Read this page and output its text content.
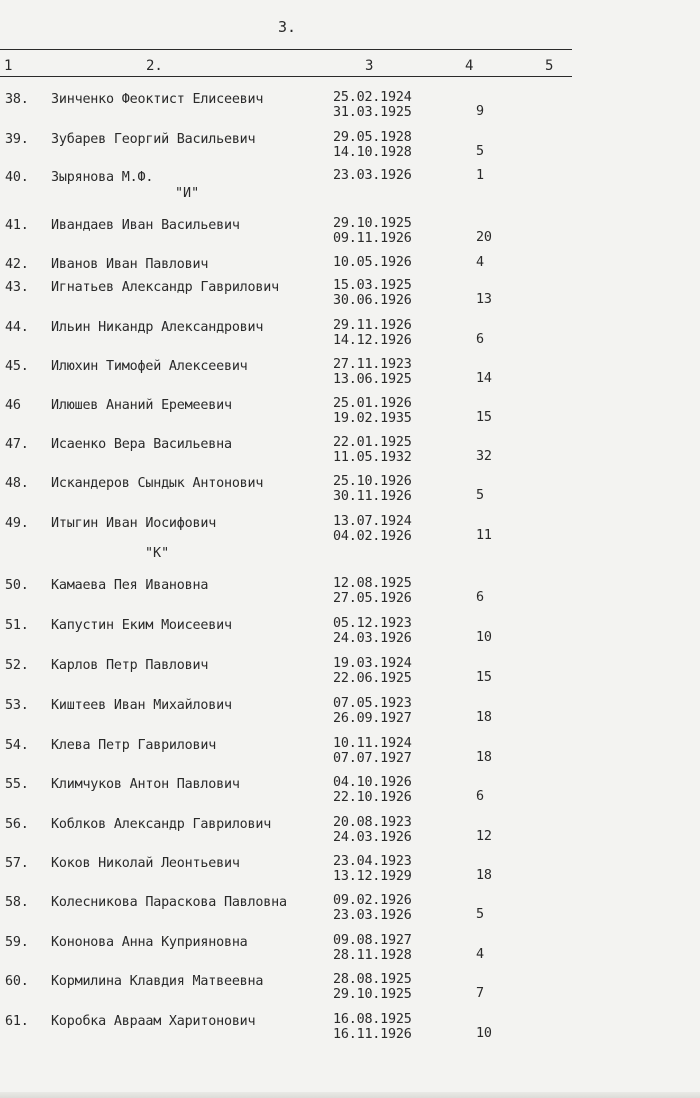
3.
1	2.	3	4	5
"И"
"К"
38. Зинченко Феоктист Елисеевич	25.02.1924
31.03.1925	9
39. Зубарев Георгий Васильевич	29.05.1928
14.10.1928	5
40. Зырянова М.Ф.	23.03.1926	1
41. Ивандаев Иван Васильевич	29.10.1925
09.11.1926	20
42. Иванов Иван Павлович	10.05.1926	4
43. Игнатьев Александр Гаврилович	15.03.1925
30.06.1926	13
44. Ильин Никандр Александрович	29.11.1926
14.12.1926	6
45. Илюхин Тимофей Алексеевич	27.11.1923
13.06.1925	14
46 Илюшев Ананий Еремеевич	25.01.1926
19.02.1935	15
47. Исаенко Вера Васильевна	22.01.1925
11.05.1932	32
48. Искандеров Сындык Антонович	25.10.1926
30.11.1926	5
49. Итыгин Иван Иосифович	13.07.1924
04.02.1926	11
50. Камаева Пея Ивановна	12.08.1925
27.05.1926	6
51. Капустин Еким Моисеевич	05.12.1923
24.03.1926	10
52. Карлов Петр Павлович	19.03.1924
22.06.1925	15
53. Киштеев Иван Михайлович	07.05.1923
26.09.1927	18
54. Клева Петр Гаврилович	10.11.1924
07.07.1927	18
55. Климчуков Антон Павлович	04.10.1926
22.10.1926	6
56. Коблков Александр Гаврилович	20.08.1923
24.03.1926	12
57. Коков Николай Леонтьевич	23.04.1923
13.12.1929	18
58. Колесникова Параскова Павловна	09.02.1926
23.03.1926	5
59. Кононова Анна Куприяновна	09.08.1927
28.11.1928	4
60. Кормилина Клавдия Матвеевна	28.08.1925
29.10.1925	7
61. Коробка Авраам Харитонович	16.08.1925
16.11.1926	10
